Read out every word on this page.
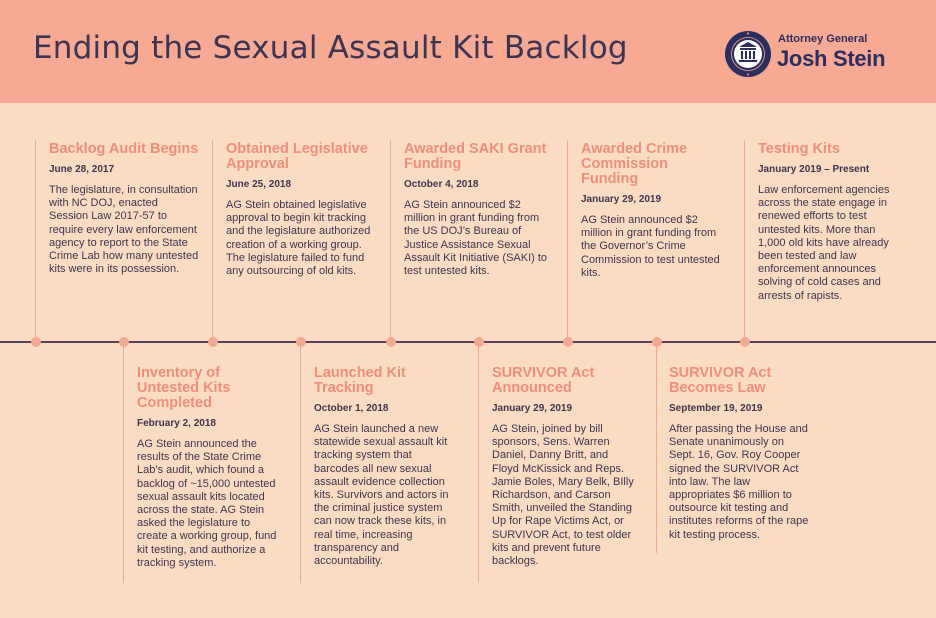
Ending the Sexual Assault Kit Backlog	Attorney General
Josh Stein
Backlog Audit Begins
June 28, 2017
The legislature, in consultation with NC DOJ, enacted Session Law 2017-57 to require every law enforcement agency to report to the State Crime Lab how many untested kits were in its possession.
Obtained Legislative Approval
June 25, 2018
AG Stein obtained legislative approval to begin kit tracking and the legislature authorized creation of a working group. The legislature failed to fund any outsourcing of old kits.
Awarded SAKI Grant Funding
October 4, 2018
AG Stein announced $2 million in grant funding from the US DOJ’s Bureau of Justice Assistance Sexual Assault Kit Initiative (SAKI) to test untested kits.
Awarded Crime Commission Funding
January 29, 2019
AG Stein announced $2 million in grant funding from the Governor’s Crime Commission to test untested kits.
Testing Kits
January 2019 – Present
Law enforcement agencies across the state engage in renewed efforts to test untested kits. More than 1,000 old kits have already been tested and law enforcement announces solving of cold cases and arrests of rapists.
Inventory of Untested Kits Completed
February 2, 2018
AG Stein announced the results of the State Crime Lab’s audit, which found a backlog of ~15,000 untested sexual assault kits located across the state. AG Stein asked the legislature to create a working group, fund kit testing, and authorize a tracking system.
Launched Kit Tracking
October 1, 2018
AG Stein launched a new statewide sexual assault kit tracking system that barcodes all new sexual assault evidence collection kits. Survivors and actors in the criminal justice system can now track these kits, in real time, increasing transparency and accountability.
SURVIVOR Act Announced
January 29, 2019
AG Stein, joined by bill sponsors, Sens. Warren Daniel, Danny Britt, and Floyd McKissick and Reps. Jamie Boles, Mary Belk, BIlly Richardson, and Carson Smith, unveiled the Standing Up for Rape Victims Act, or SURVIVOR Act, to test older kits and prevent future backlogs.
SURVIVOR Act Becomes Law
September 19, 2019
After passing the House and Senate unanimously on Sept. 16, Gov. Roy Cooper signed the SURVIVOR Act into law. The law appropriates $6 million to outsource kit testing and institutes reforms of the rape kit testing process.
